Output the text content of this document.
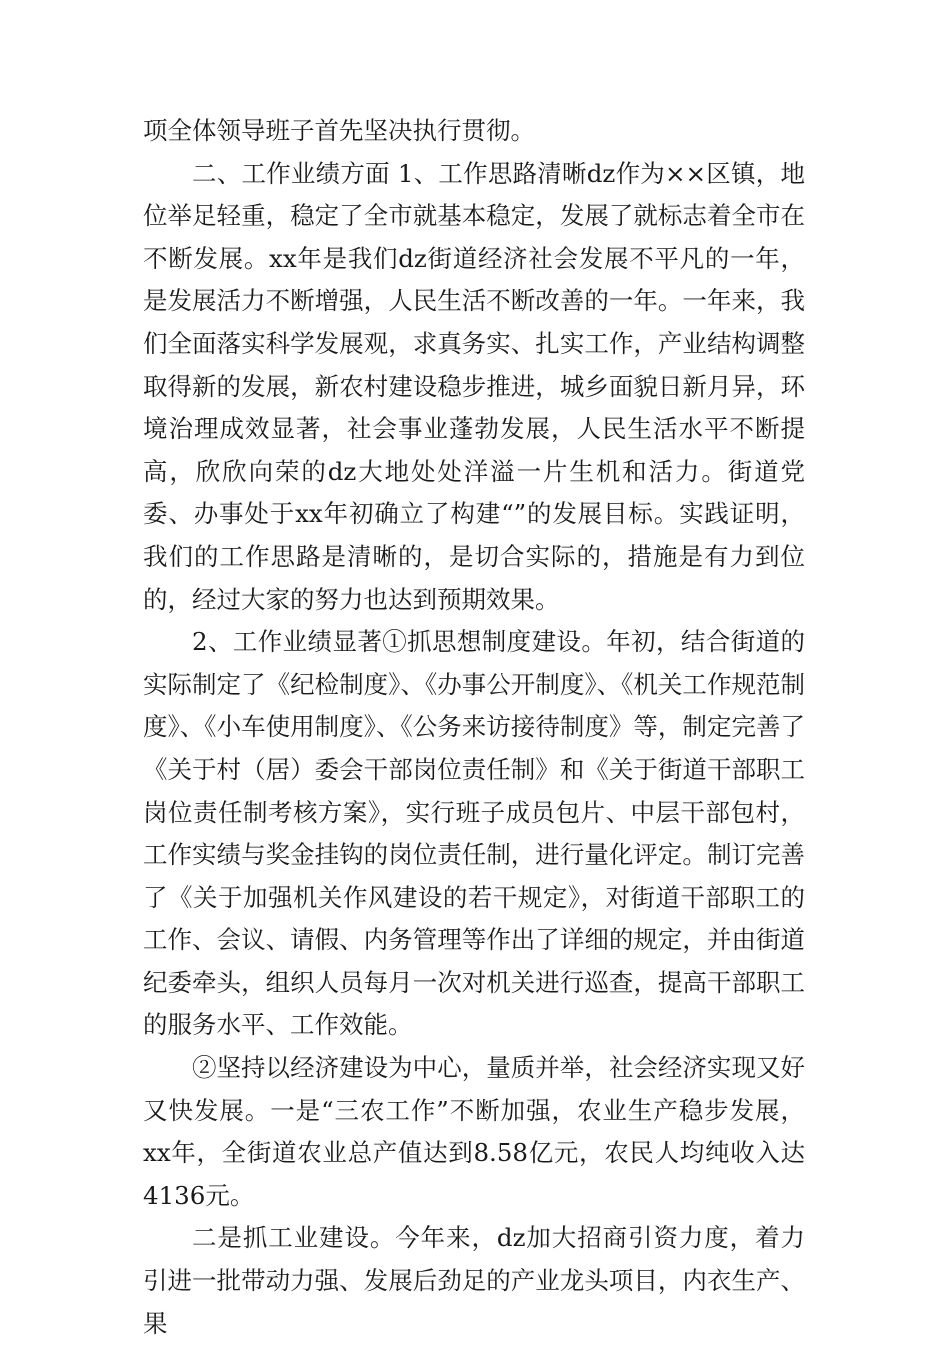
项全体领导班子首先坚决执行贯彻。

二、工作业绩方面 1、工作思路清晰dz作为××区镇，地位举足轻重，稳定了全市就基本稳定，发展了就标志着全市在不断发展。xx年是我们dz街道经济社会发展不平凡的一年，是发展活力不断增强，人民生活不断改善的一年。一年来，我们全面落实科学发展观，求真务实、扎实工作，产业结构调整取得新的发展，新农村建设稳步推进，城乡面貌日新月异，环境治理成效显著，社会事业蓬勃发展，人民生活水平不断提高，欣欣向荣的dz大地处处洋溢一片生机和活力。街道党委、办事处于xx年初确立了构建“”的发展目标。实践证明，我们的工作思路是清晰的，是切合实际的，措施是有力到位的，经过大家的努力也达到预期效果。

2、工作业绩显著①抓思想制度建设。年初，结合街道的实际制定了《纪检制度》、《办事公开制度》、《机关工作规范制度》、《小车使用制度》、《公务来访接待制度》等，制定完善了《关于村（居）委会干部岗位责任制》和《关于街道干部职工岗位责任制考核方案》，实行班子成员包片、中层干部包村，工作实绩与奖金挂钩的岗位责任制，进行量化评定。制订完善了《关于加强机关作风建设的若干规定》，对街道干部职工的工作、会议、请假、内务管理等作出了详细的规定，并由街道纪委牵头，组织人员每月一次对机关进行巡查，提高干部职工的服务水平、工作效能。

②坚持以经济建设为中心，量质并举，社会经济实现又好又快发展。一是“三农工作”不断加强，农业生产稳步发展，xx年，全街道农业总产值达到8.58亿元，农民人均纯收入达4136元。

二是抓工业建设。今年来，dz加大招商引资力度，着力引进一批带动力强、发展后劲足的产业龙头项目，内衣生产、果
